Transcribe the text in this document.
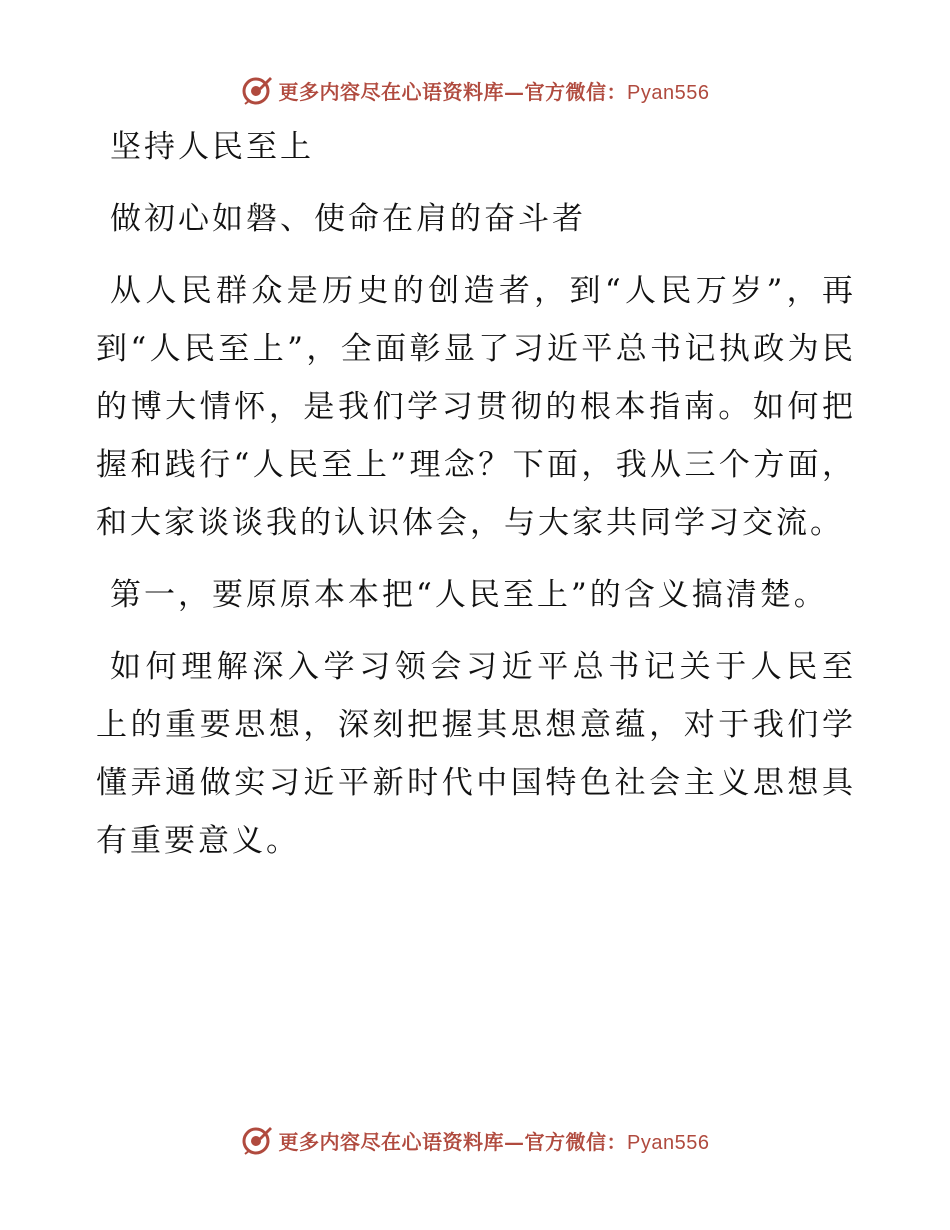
更多内容尽在心语资料库—官方微信：Pyan556

坚持人民至上

做初心如磐、使命在肩的奋斗者

从人民群众是历史的创造者，到“人民万岁”，再到“人民至上”，全面彰显了习近平总书记执政为民的博大情怀，是我们学习贯彻的根本指南。如何把握和践行“人民至上”理念？下面，我从三个方面，和大家谈谈我的认识体会，与大家共同学习交流。

第一，要原原本本把“人民至上”的含义搞清楚。

如何理解深入学习领会习近平总书记关于人民至上的重要思想，深刻把握其思想意蕴，对于我们学懂弄通做实习近平新时代中国特色社会主义思想具有重要意义。

更多内容尽在心语资料库—官方微信：Pyan556
